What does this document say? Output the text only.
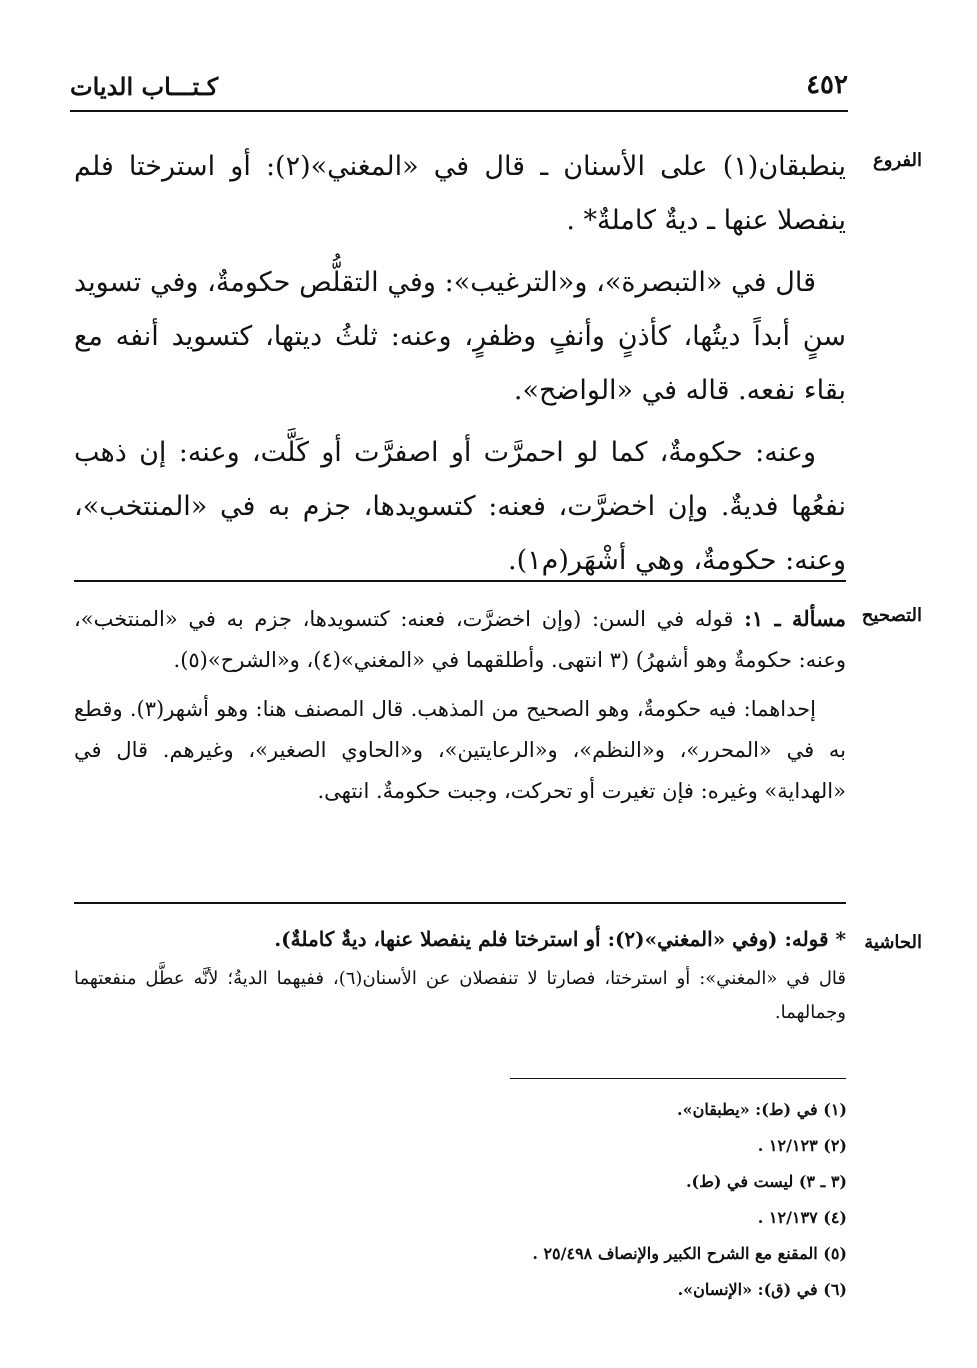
٤٥٢
كـتـــاب الديات
الفروع

ينطبقان(١) على الأسنان ـ قال في «المغني»(٢): أو استرختا فلم ينفصلا عنها ـ ديةٌ كاملةٌ* .

قال في «التبصرة»، و«الترغيب»: وفي التقلُّص حكومةٌ، وفي تسويد سنٍ أبداً ديتُها، كأذنٍ وأنفٍ وظفرٍ، وعنه: ثلثُ ديتها، كتسويد أنفه مع بقاء نفعه. قاله في «الواضح».

وعنه: حكومةٌ، كما لو احمرَّت أو اصفرَّت أو كَلَّت، وعنه: إن ذهب نفعُها فديةٌ. وإن اخضرَّت، فعنه: كتسويدها، جزم به في «المنتخب»، وعنه: حكومةٌ، وهي أشْهَر(م١).

التصحيح

مسألة ـ ١: قوله في السن: (وإن اخضرَّت، فعنه: كتسويدها، جزم به في «المنتخب»، وعنه: حكومةٌ وهو أشهرُ) (٣ انتهى. وأطلقهما في «المغني»(٤)، و«الشرح»(٥).

إحداهما: فيه حكومةٌ، وهو الصحيح من المذهب. قال المصنف هنا: وهو أشهر(٣). وقطع به في «المحرر»، و«النظم»، و«الرعايتين»، و«الحاوي الصغير»، وغيرهم. قال في «الهداية» وغيره: فإن تغيرت أو تحركت، وجبت حكومةٌ. انتهى.

الحاشية

* قوله: (وفي «المغني»(٢): أو استرختا فلم ينفصلا عنها، ديةٌ كاملةٌ).

قال في «المغني»: أو استرختا، فصارتا لا تنفصلان عن الأسنان(٦)، ففيهما الديةُ؛ لأنَّه عطَّل منفعتهما وجمالهما.

(١) في (ط): «يطبقان».
(٢) ١٢/١٢٣ .
(٣ ـ ٣) ليست في (ط).
(٤) ١٢/١٣٧ .
(٥) المقنع مع الشرح الكبير والإنصاف ٢٥/٤٩٨ .
(٦) في (ق): «الإنسان».
